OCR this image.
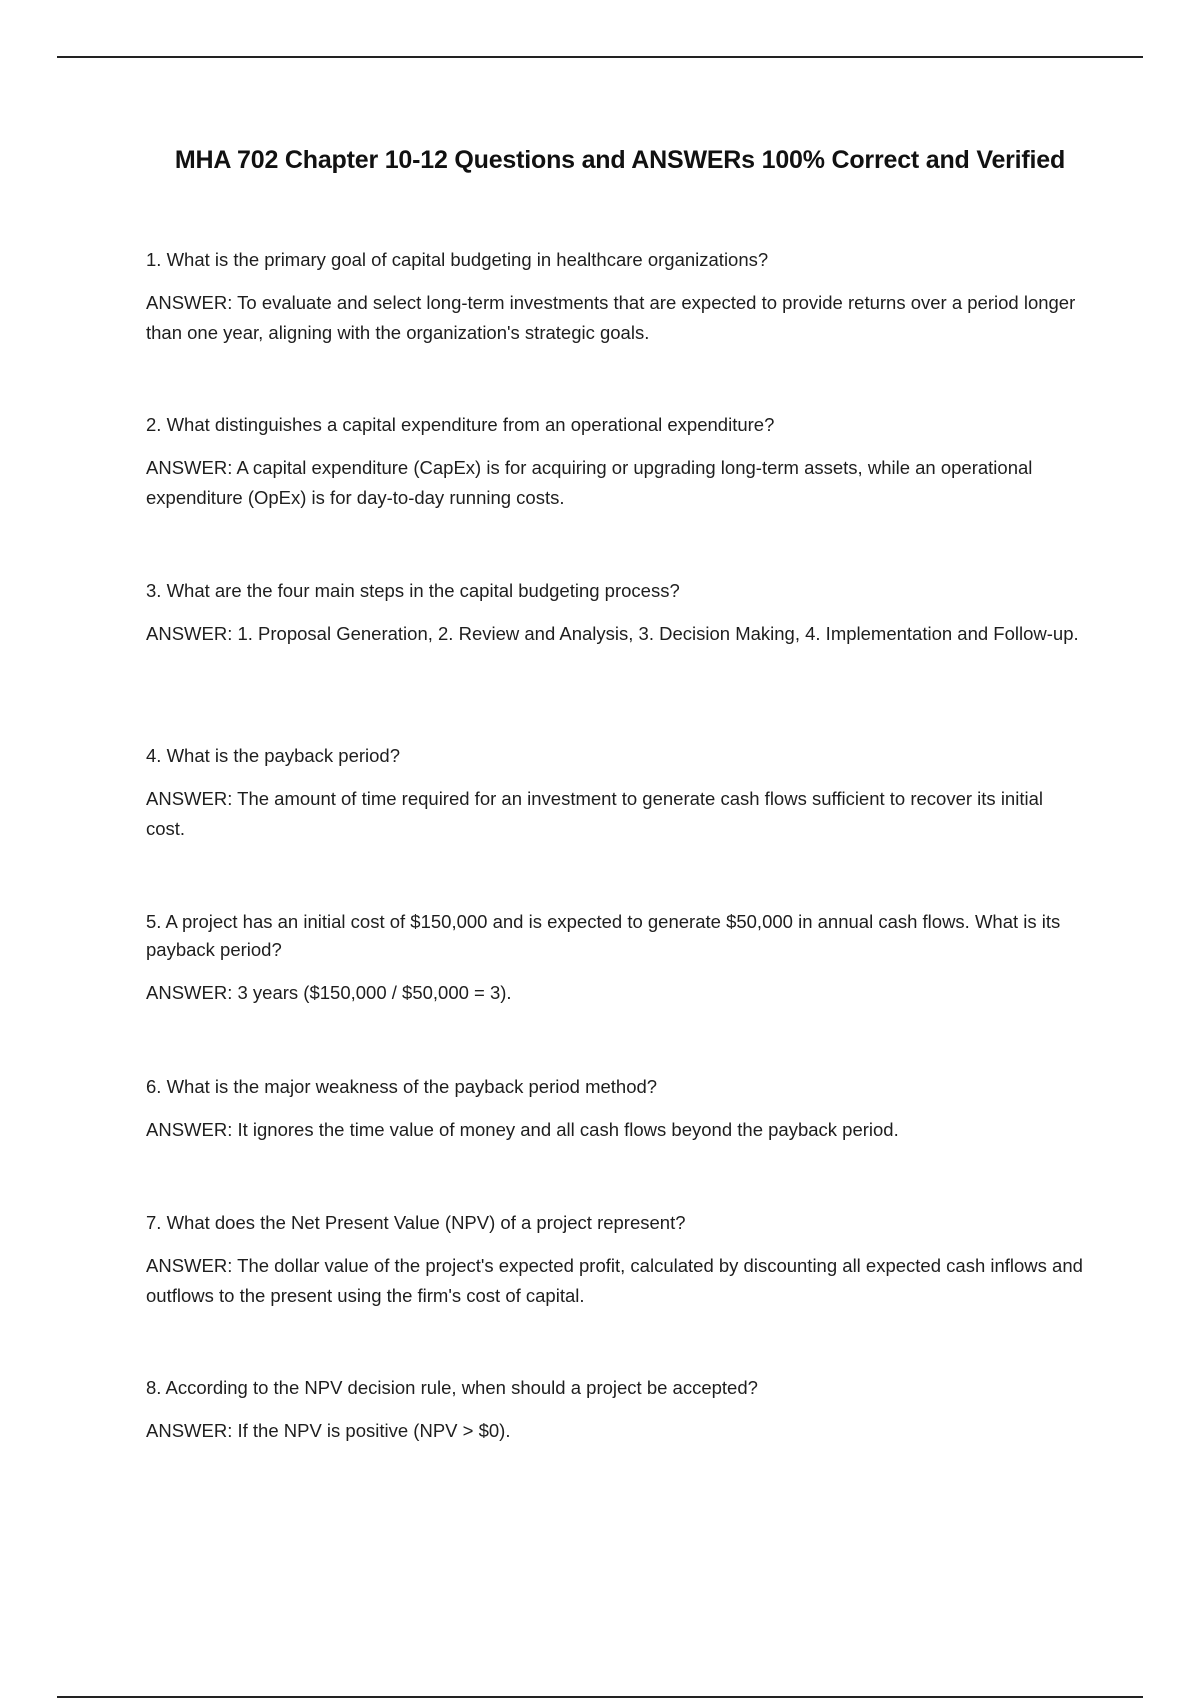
MHA 702 Chapter 10-12 Questions and ANSWERs 100% Correct and Verified

1. What is the primary goal of capital budgeting in healthcare organizations?

ANSWER: To evaluate and select long-term investments that are expected to provide returns over a period longer than one year, aligning with the organization's strategic goals.

2. What distinguishes a capital expenditure from an operational expenditure?

ANSWER: A capital expenditure (CapEx) is for acquiring or upgrading long-term assets, while an operational expenditure (OpEx) is for day-to-day running costs.

3. What are the four main steps in the capital budgeting process?

ANSWER: 1. Proposal Generation, 2. Review and Analysis, 3. Decision Making, 4. Implementation and Follow-up.

4. What is the payback period?

ANSWER: The amount of time required for an investment to generate cash flows sufficient to recover its initial cost.

5. A project has an initial cost of $150,000 and is expected to generate $50,000 in annual cash flows. What is its payback period?

ANSWER: 3 years ($150,000 / $50,000 = 3).

6. What is the major weakness of the payback period method?

ANSWER: It ignores the time value of money and all cash flows beyond the payback period.

7. What does the Net Present Value (NPV) of a project represent?

ANSWER: The dollar value of the project's expected profit, calculated by discounting all expected cash inflows and outflows to the present using the firm's cost of capital.

8. According to the NPV decision rule, when should a project be accepted?

ANSWER: If the NPV is positive (NPV > $0).
